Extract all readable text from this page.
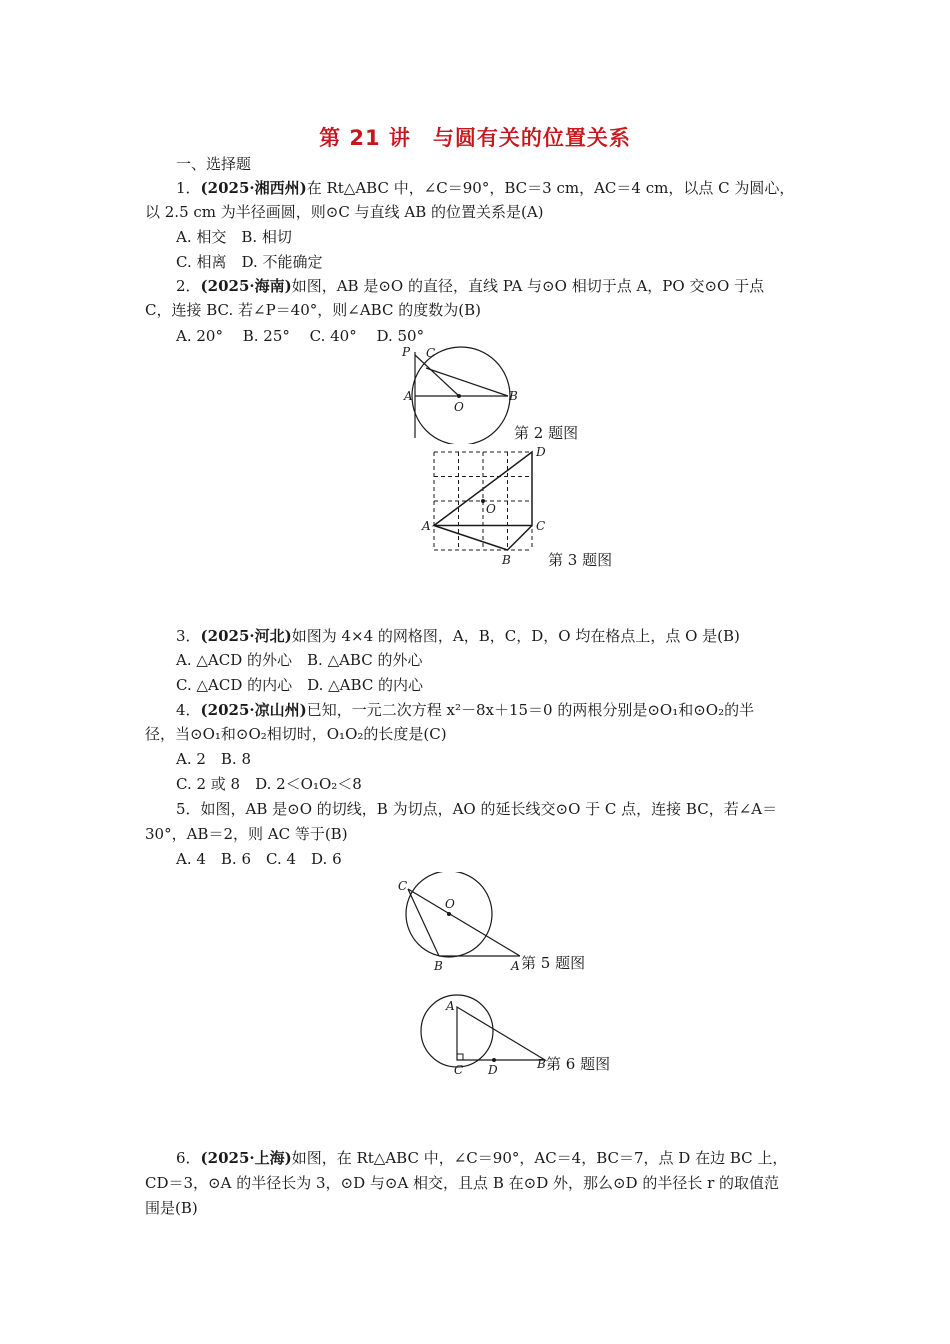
第 21 讲　与圆有关的位置关系
一、选择题
1．(2025·湘西州)在 Rt△ABC 中，∠C＝90°，BC＝3 cm，AC＝4 cm，以点 C 为圆心，
以 2.5 cm 为半径画圆，则⊙C 与直线 AB 的位置关系是(A)
A. 相交　B. 相切
C. 相离　D. 不能确定
2．(2025·海南)如图，AB 是⊙O 的直径，直线 PA 与⊙O 相切于点 A，PO 交⊙O 于点
C，连接 BC. 若∠P＝40°，则∠ABC 的度数为(B)
A. 20°　 B. 25°　 C. 40°　 D. 50°
P C
A
O
B
第 2 题图
D
O
A	C
B 第 3 题图
3．(2025·河北)如图为 4×4 的网格图，A，B，C，D，O 均在格点上，点 O 是(B)
A. △ACD 的外心　B. △ABC 的外心
C. △ACD 的内心　D. △ABC 的内心
4．(2025·凉山州)已知，一元二次方程 x²－8x＋15＝0 的两根分别是⊙O₁和⊙O₂的半
径，当⊙O₁和⊙O₂相切时，O₁O₂的长度是(C)
A. 2　B. 8
C. 2 或 8　D. 2＜O₁O₂＜8
5．如图，AB 是⊙O 的切线，B 为切点，AO 的延长线交⊙O 于 C 点，连接 BC，若∠A＝
30°，AB＝2，则 AC 等于(B)
A. 4　B. 6　C. 4　D. 6
C
O
B	A 第 5 题图
A
C D	B 第 6 题图
6．(2025·上海)如图，在 Rt△ABC 中，∠C＝90°，AC＝4，BC＝7，点 D 在边 BC 上，
CD＝3，⊙A 的半径长为 3，⊙D 与⊙A 相交，且点 B 在⊙D 外，那么⊙D 的半径长 r 的取值范
围是(B)
